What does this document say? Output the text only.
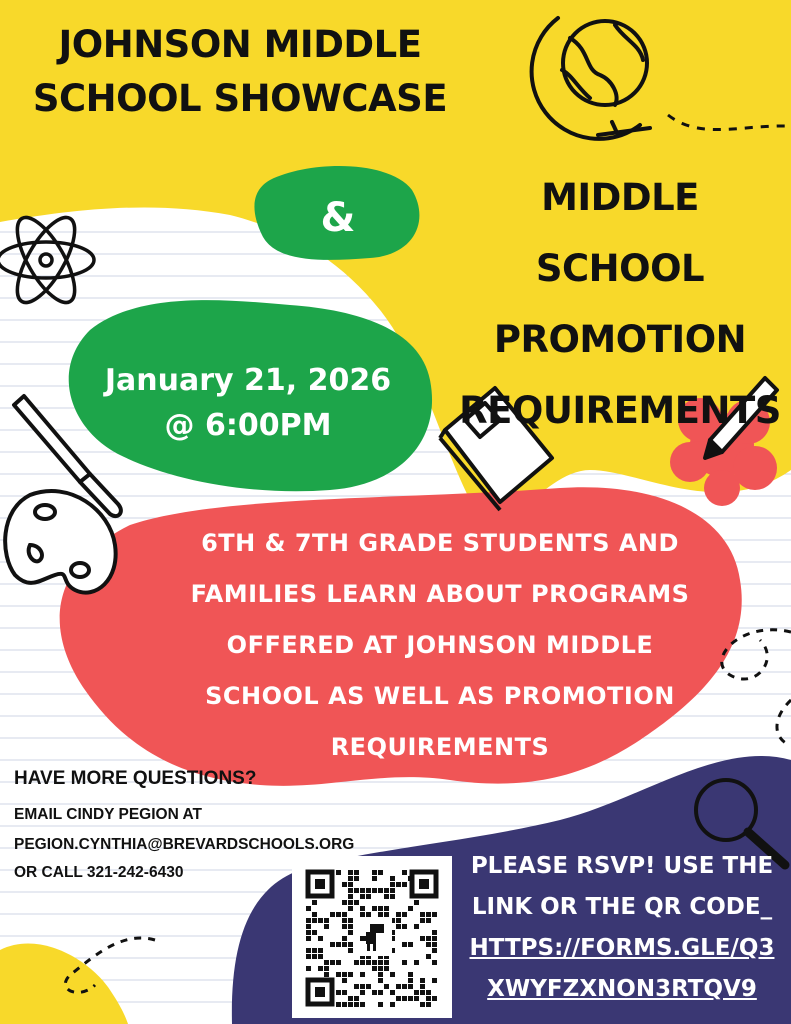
JOHNSON MIDDLE
SCHOOL SHOWCASE
&	MIDDLE SCHOOL
PROMOTION
REQUIREMENTS
January 21, 2026
@ 6:00PM
6TH & 7TH GRADE STUDENTS AND
FAMILIES LEARN ABOUT PROGRAMS
OFFERED AT JOHNSON MIDDLE
SCHOOL AS WELL AS PROMOTION
REQUIREMENTS
HAVE MORE QUESTIONS?

EMAIL CINDY PEGION AT

PEGION.CYNTHIA@BREVARDSCHOOLS.ORG

OR CALL 321-242-6430	PLEASE RSVP! USE THE
LINK OR THE QR CODE_
HTTPS://FORMS.GLE/Q3
XWYFZXNON3RTQV9
